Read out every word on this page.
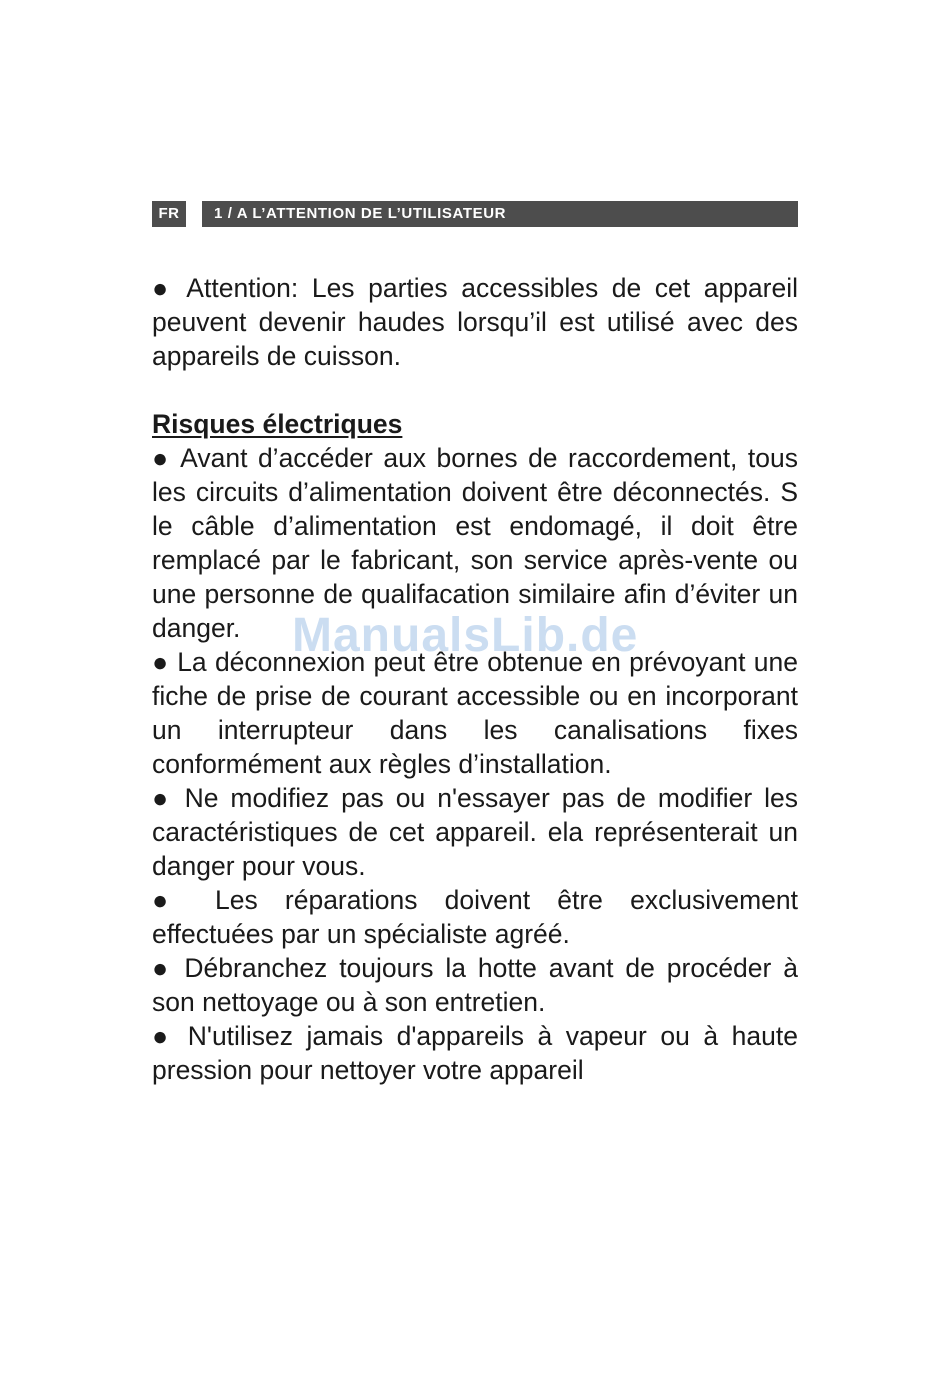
FR	1 / A L’ATTENTION DE L’UTILISATEUR

● Attention: Les parties accessibles de cet appareil peuvent devenir haudes lorsqu’il est utilisé avec des appareils de cuisson.

Risques électriques

● Avant d’accéder aux bornes de raccordement, tous les circuits d’alimentation doivent être déconnectés. S le câble d’alimentation est endomagé, il doit être remplacé par le fabricant, son service après-vente ou une personne de qualifacation similaire afin d’éviter un danger.

● La déconnexion peut être obtenue en prévoyant une fiche de prise de courant accessible ou en incorporant un interrupteur dans les canalisations fixes conformément aux règles d’installation.

● Ne modifiez pas ou n'essayer pas de modifier les caractéristiques de cet appareil. ela représenterait un danger pour vous.

● Les réparations doivent être exclusivement effectuées par un spécialiste agréé.

● Débranchez toujours la hotte avant de procéder à son nettoyage ou à son entretien.

● N'utilisez jamais d'appareils à vapeur ou à haute pression pour nettoyer votre appareil

ManualsLib.de
